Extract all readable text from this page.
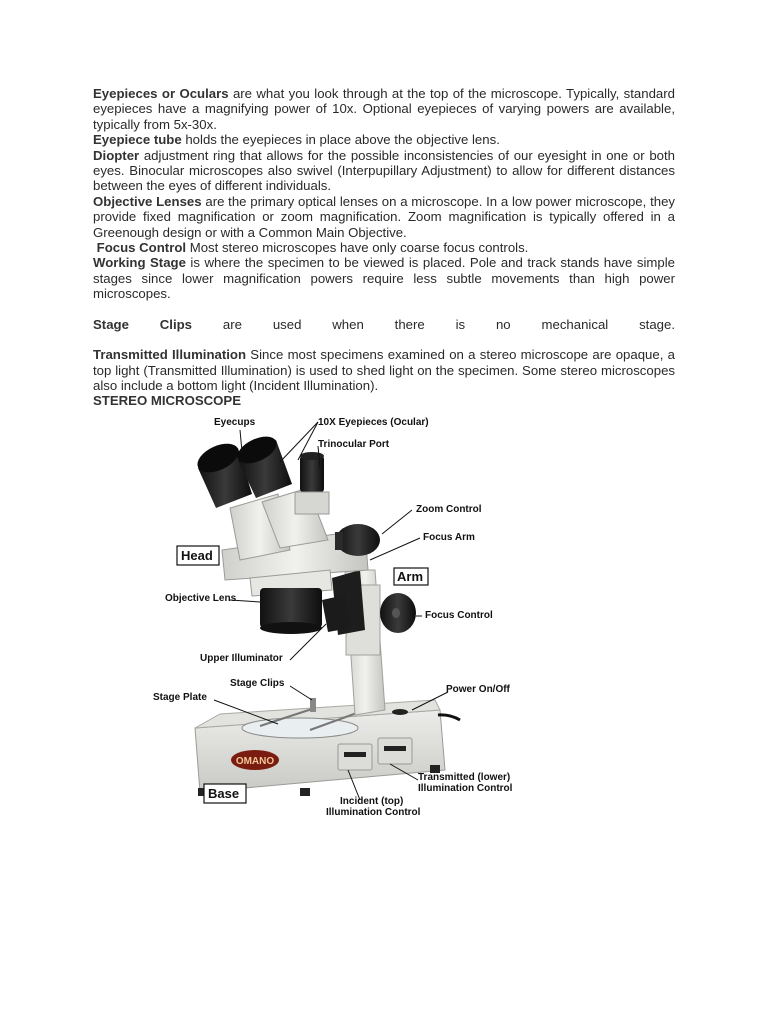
Eyepieces or Oculars are what you look through at the top of the microscope. Typically, standard eyepieces have a magnifying power of 10x. Optional eyepieces of varying powers are available, typically from 5x-30x.

Eyepiece tube holds the eyepieces in place above the objective lens.

Diopter adjustment ring that allows for the possible inconsistencies of our eyesight in one or both eyes. Binocular microscopes also swivel (Interpupillary Adjustment) to allow for different distances between the eyes of different individuals.

Objective Lenses are the primary optical lenses on a microscope. In a low power microscope, they provide fixed magnification or zoom magnification. Zoom magnification is typically offered in a Greenough design or with a Common Main Objective.

Focus Control Most stereo microscopes have only coarse focus controls.

Working Stage is where the specimen to be viewed is placed. Pole and track stands have simple stages since lower magnification powers require less subtle movements than high power microscopes.

Stage Clips are used when there is no mechanical stage.

Transmitted Illumination Since most specimens examined on a stereo microscope are opaque, a top light (Transmitted Illumination) is used to shed light on the specimen. Some stereo microscopes also include a bottom light (Incident Illumination).

STEREO MICROSCOPE

OMANO
Eyecups	10X Eyepieces (Ocular)
Trinocular Port
Zoom Control
Focus Arm
Head
Arm
Objective Lens
Focus Control
Upper Illuminator
Stage Clips
Stage Plate
Power On/Off
Transmitted (lower)
Illumination Control
Base
Incident (top)
Illumination Control
